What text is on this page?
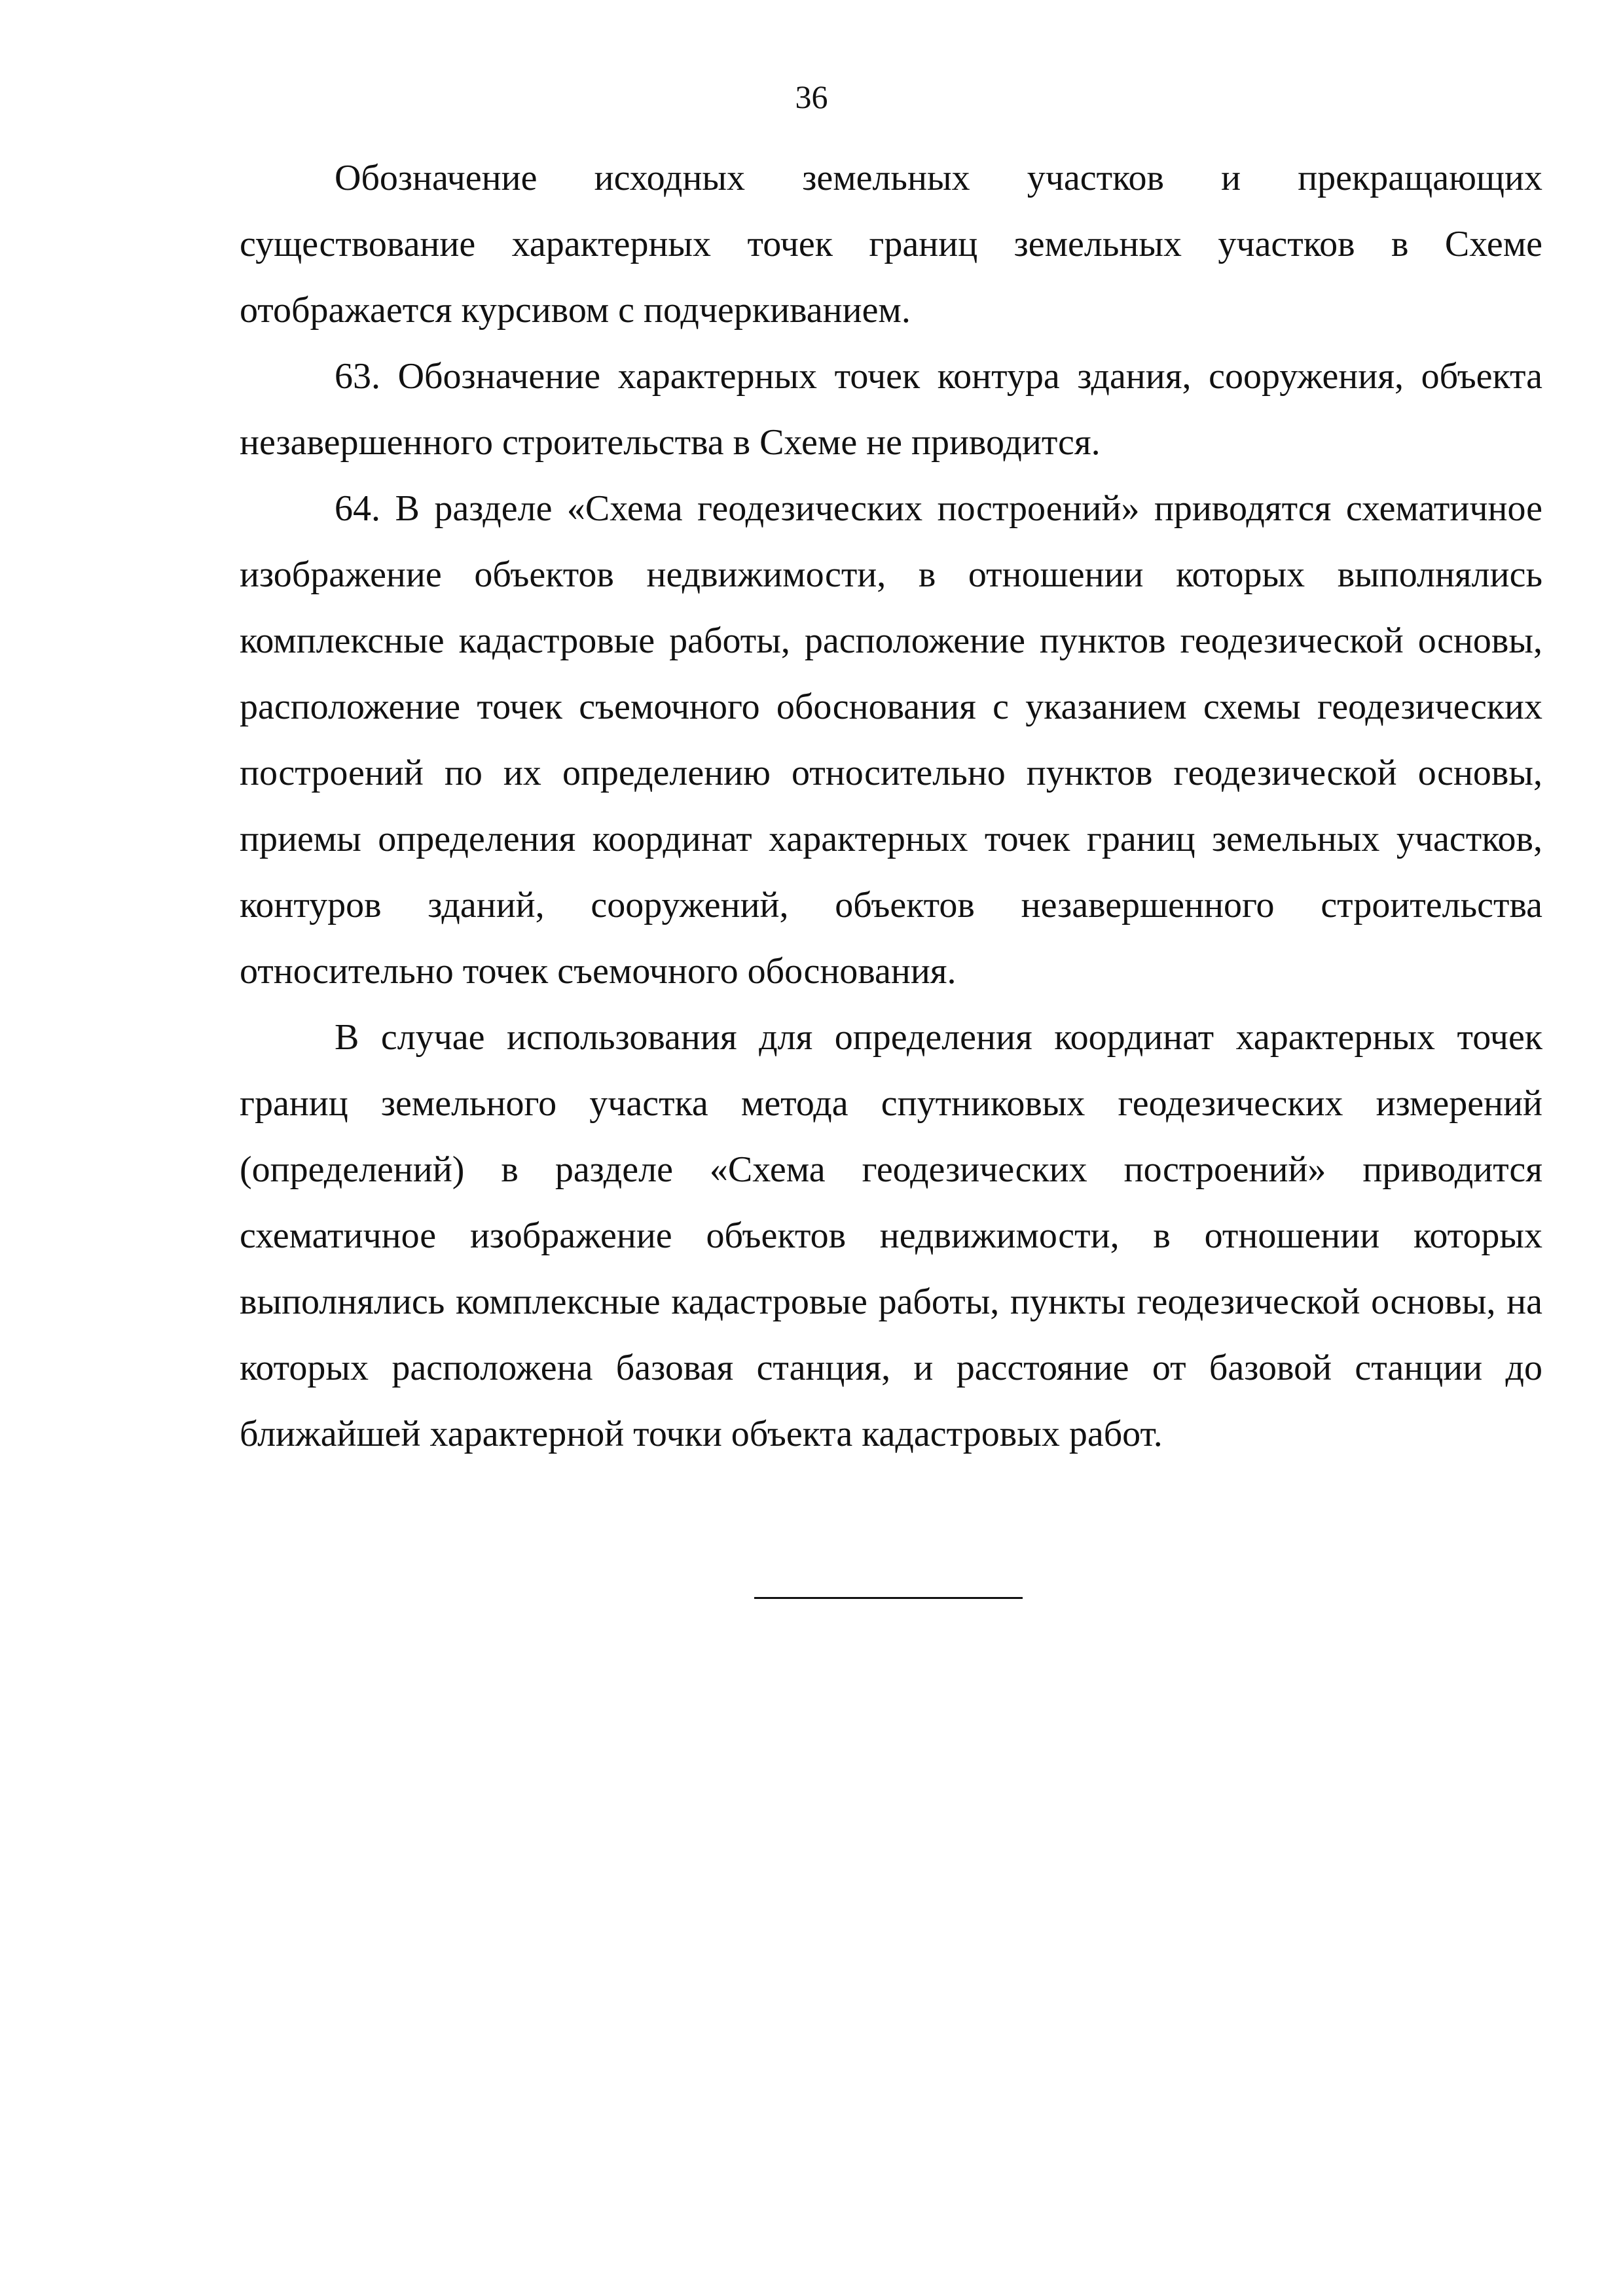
36

Обозначение исходных земельных участков и прекращающих существование характерных точек границ земельных участков в Схеме отображается курсивом с подчеркиванием.

63. Обозначение характерных точек контура здания, сооружения, объекта незавершенного строительства в Схеме не приводится.

64. В разделе «Схема геодезических построений» приводятся схематичное изображение объектов недвижимости, в отношении которых выполнялись комплексные кадастровые работы, расположение пунктов геодезической основы, расположение точек съемочного обоснования с указанием схемы геодезических построений по их определению относительно пунктов геодезической основы, приемы определения координат характерных точек границ земельных участков, контуров зданий, сооружений, объектов незавершенного строительства относительно точек съемочного обоснования.

В случае использования для определения координат характерных точек границ земельного участка метода спутниковых геодезических измерений (определений) в разделе «Схема геодезических построений» приводится схематичное изображение объектов недвижимости, в отношении которых выполнялись комплексные кадастровые работы, пункты геодезической основы, на которых расположена базовая станция, и расстояние от базовой станции до ближайшей характерной точки объекта кадастровых работ.
